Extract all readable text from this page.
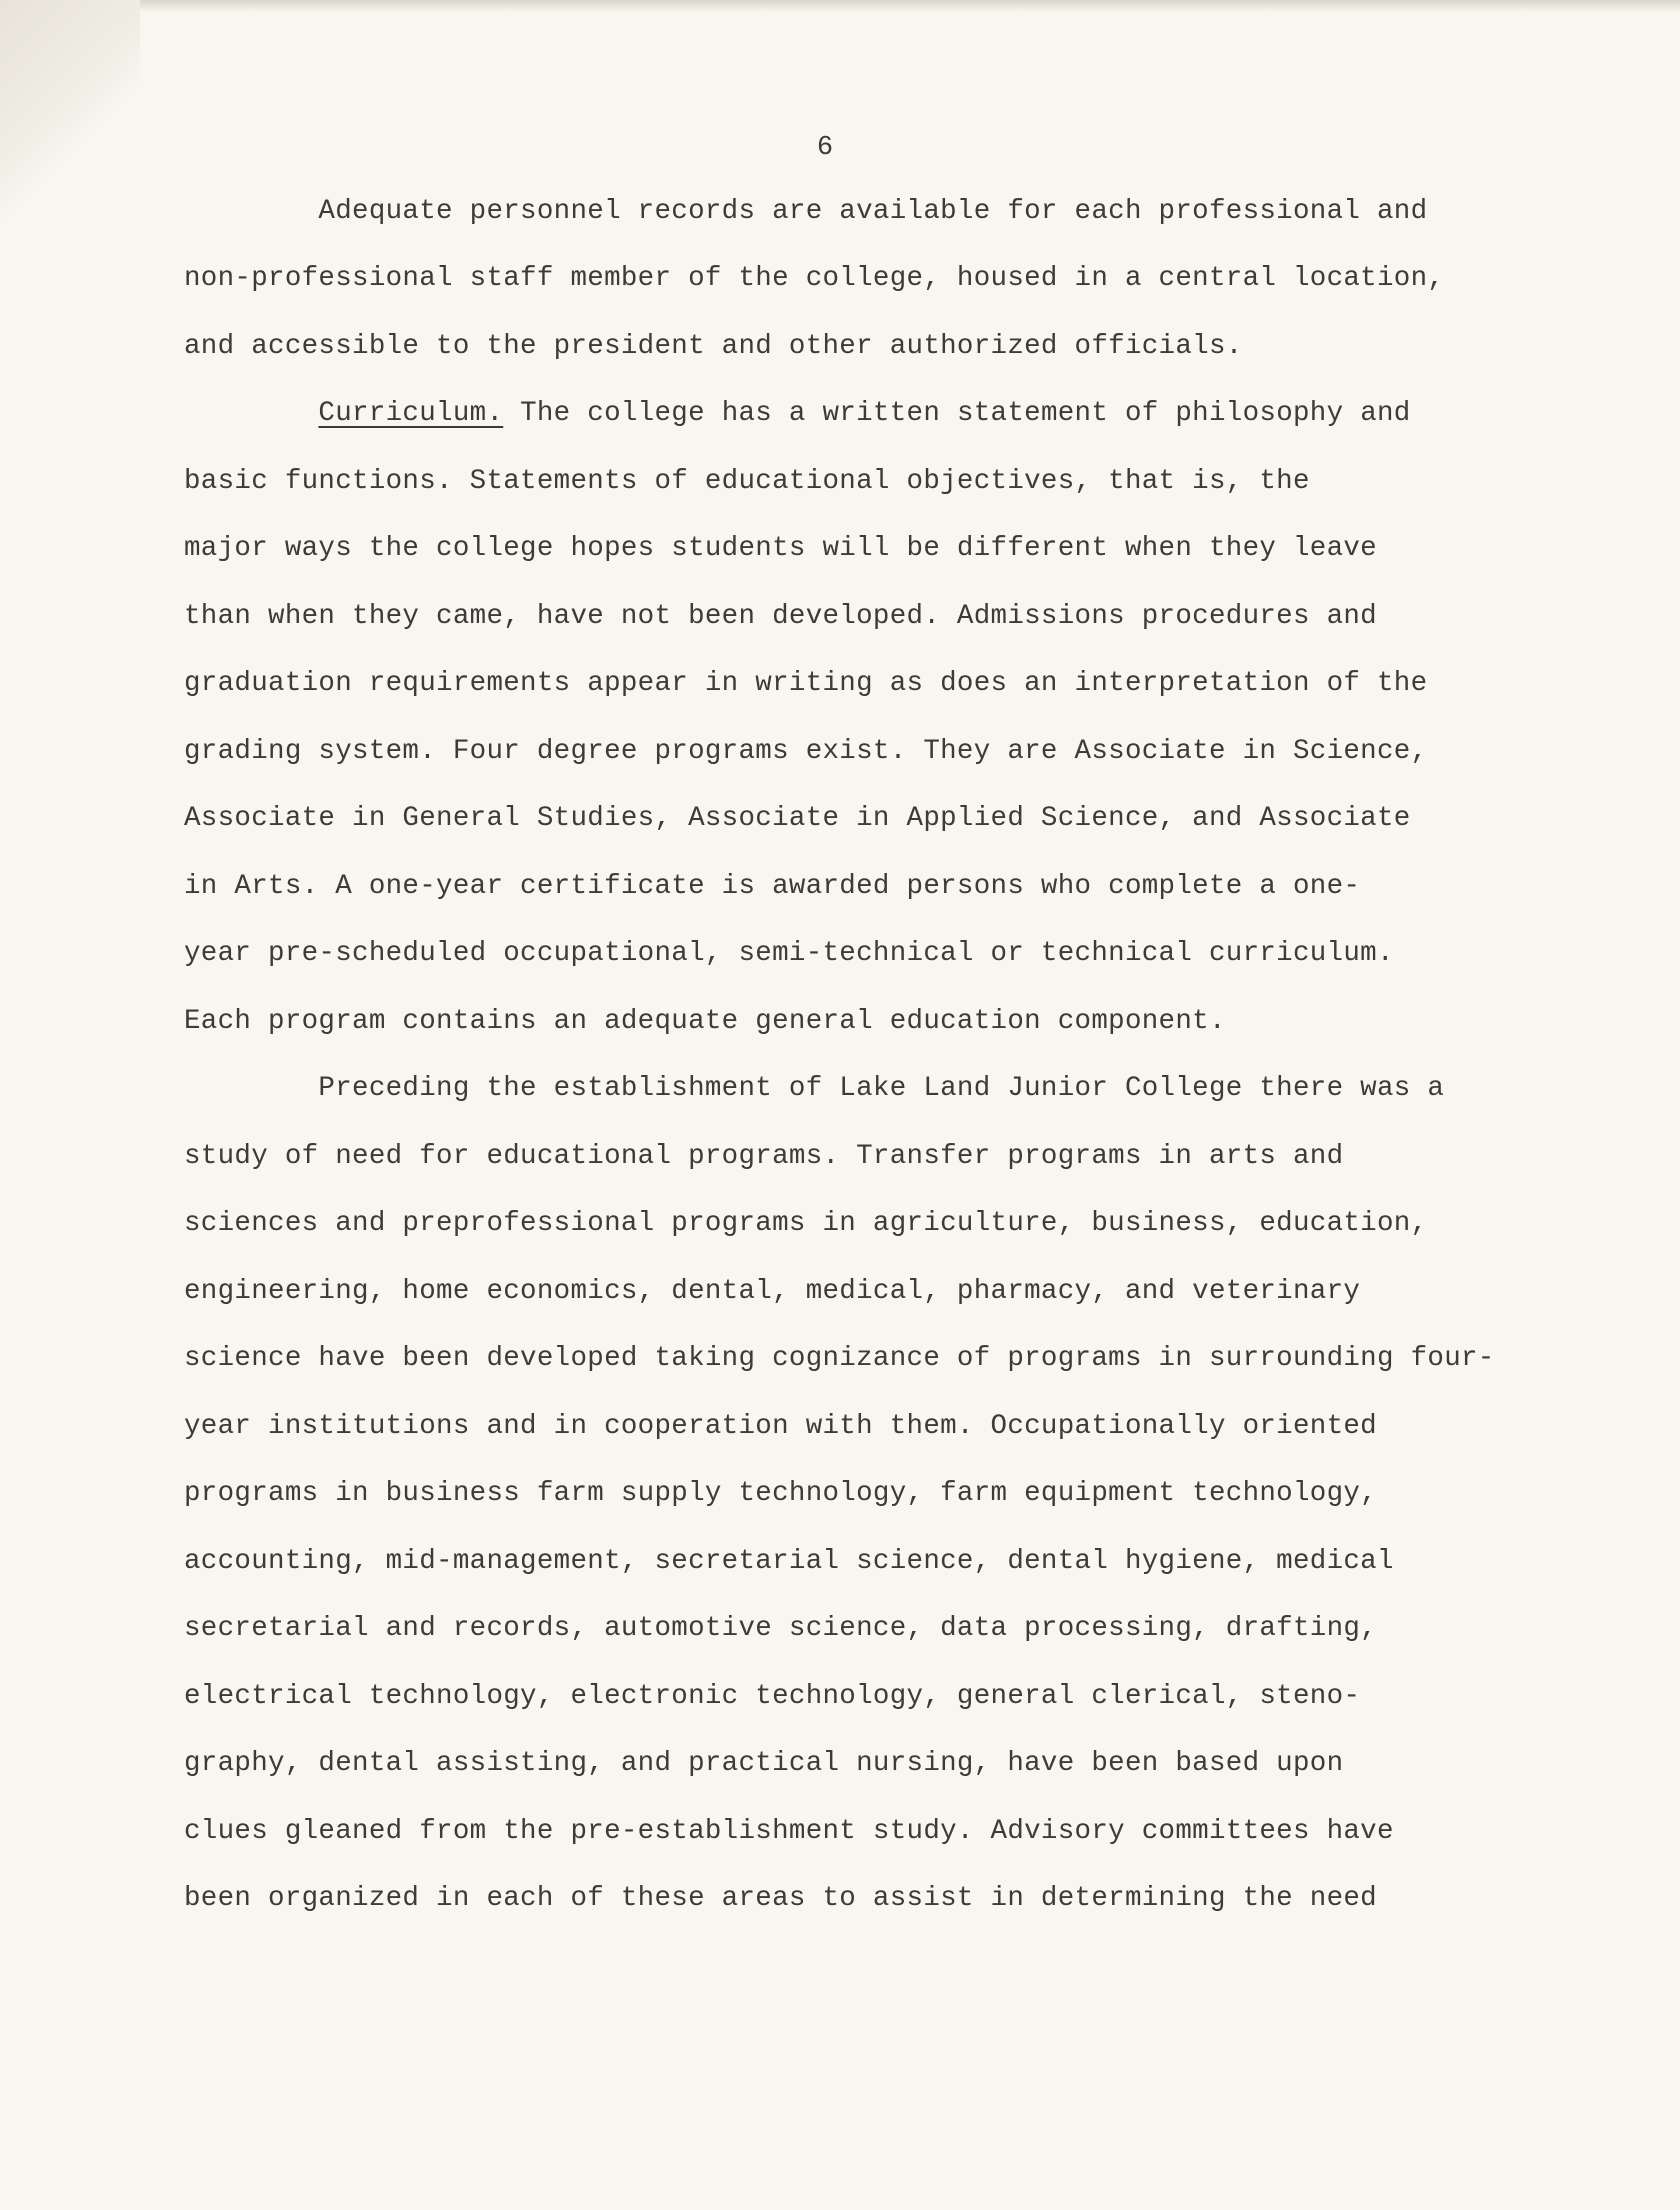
6
Adequate personnel records are available for each professional and
non-professional staff member of the college, housed in a central location,
and accessible to the president and other authorized officials.
Curriculum. The college has a written statement of philosophy and
basic functions. Statements of educational objectives, that is, the
major ways the college hopes students will be different when they leave
than when they came, have not been developed. Admissions procedures and
graduation requirements appear in writing as does an interpretation of the
grading system. Four degree programs exist. They are Associate in Science,
Associate in General Studies, Associate in Applied Science, and Associate
in Arts. A one-year certificate is awarded persons who complete a one-
year pre-scheduled occupational, semi-technical or technical curriculum.
Each program contains an adequate general education component.
Preceding the establishment of Lake Land Junior College there was a
study of need for educational programs. Transfer programs in arts and
sciences and preprofessional programs in agriculture, business, education,
engineering, home economics, dental, medical, pharmacy, and veterinary
science have been developed taking cognizance of programs in surrounding four-
year institutions and in cooperation with them. Occupationally oriented
programs in business farm supply technology, farm equipment technology,
accounting, mid-management, secretarial science, dental hygiene, medical
secretarial and records, automotive science, data processing, drafting,
electrical technology, electronic technology, general clerical, steno-
graphy, dental assisting, and practical nursing, have been based upon
clues gleaned from the pre-establishment study. Advisory committees have
been organized in each of these areas to assist in determining the need
